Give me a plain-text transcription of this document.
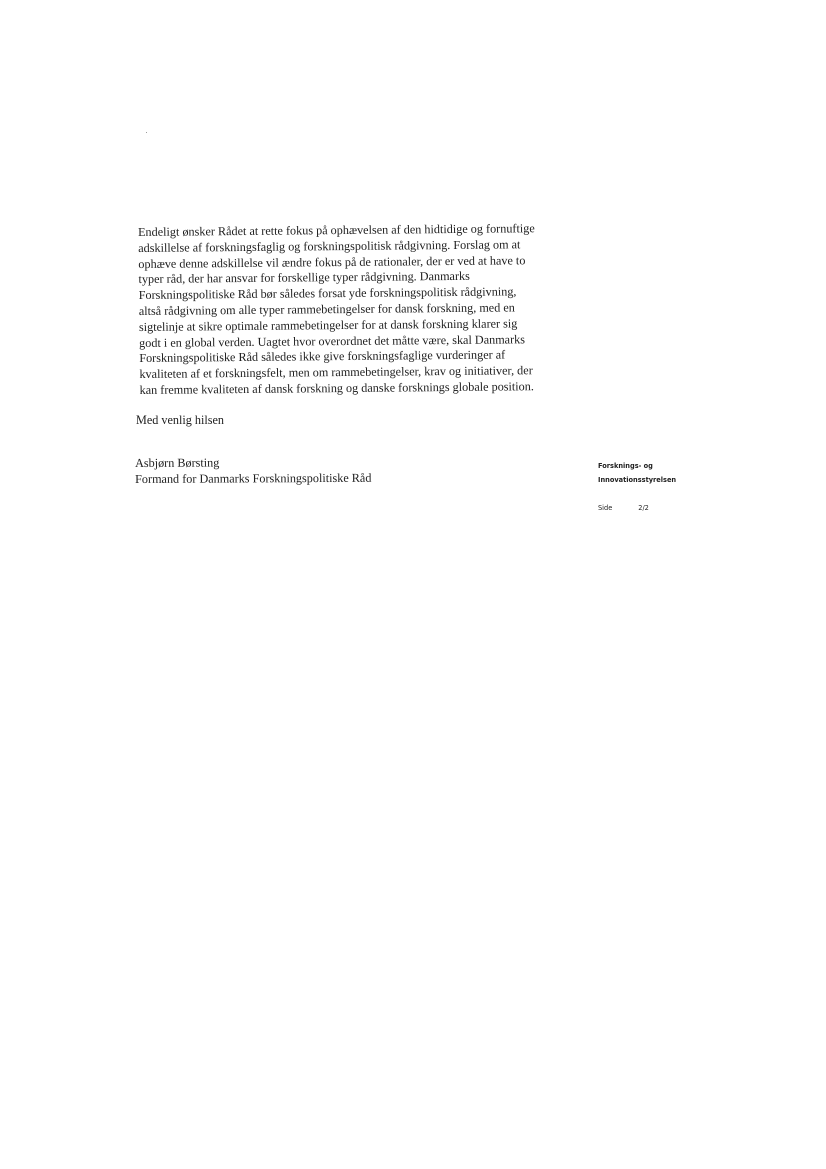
Endeligt ønsker Rådet at rette fokus på ophævelsen af den hidtidige og fornuftige
adskillelse af forskningsfaglig og forskningspolitisk rådgivning. Forslag om at
ophæve denne adskillelse vil ændre fokus på de rationaler, der er ved at have to
typer råd, der har ansvar for forskellige typer rådgivning. Danmarks
Forskningspolitiske Råd bør således forsat yde forskningspolitisk rådgivning,
altså rådgivning om alle typer rammebetingelser for dansk forskning, med en
sigtelinje at sikre optimale rammebetingelser for at dansk forskning klarer sig
godt i en global verden. Uagtet hvor overordnet det måtte være, skal Danmarks
Forskningspolitiske Råd således ikke give forskningsfaglige vurderinger af
kvaliteten af et forskningsfelt, men om rammebetingelser, krav og initiativer, der
kan fremme kvaliteten af dansk forskning og danske forsknings globale position.

Med venlig hilsen

Asbjørn Børsting
Formand for Danmarks Forskningspolitiske Råd

Forsknings- og
Innovationsstyrelsen
Side	2/2
